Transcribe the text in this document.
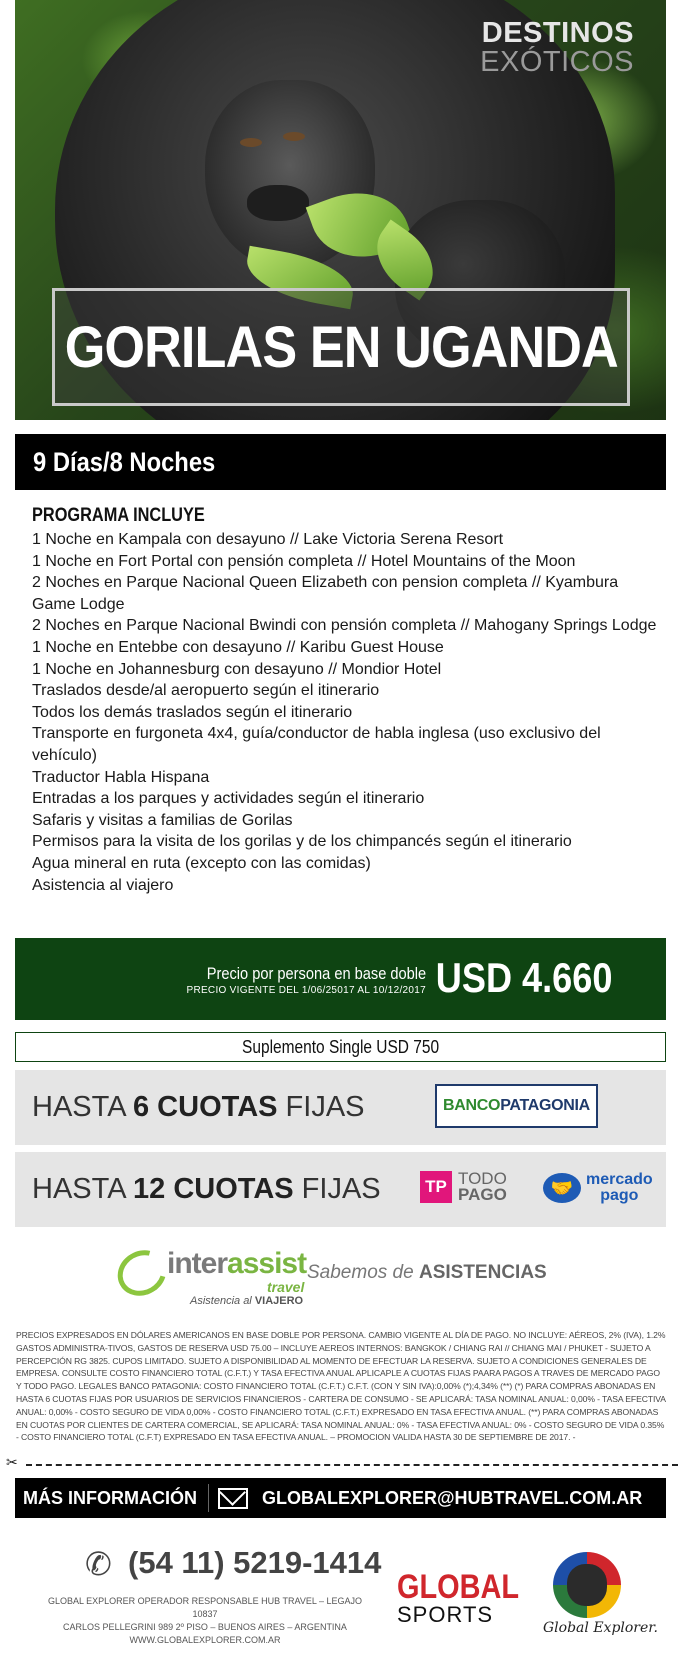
DESTINOS
EXÓTICOS
GORILAS EN UGANDA
9 Días/8 Noches
PROGRAMA INCLUYE
1 Noche en Kampala con desayuno // Lake Victoria Serena Resort
1 Noche en Fort Portal con pensión completa // Hotel Mountains of the Moon
2 Noches en Parque Nacional Queen Elizabeth con pension completa // Kyambura Game Lodge
2 Noches en Parque Nacional Bwindi con pensión completa // Mahogany Springs Lodge
1 Noche en Entebbe con desayuno // Karibu Guest House
1 Noche en Johannesburg con desayuno // Mondior Hotel
Traslados desde/al aeropuerto según el itinerario
Todos los demás traslados según el itinerario
Transporte en furgoneta 4x4, guía/conductor de habla inglesa (uso exclusivo del vehículo)
Traductor Habla Hispana
Entradas a los parques y actividades según el itinerario
Safaris y visitas a familias de Gorilas
Permisos para la visita de los gorilas y de los chimpancés según el itinerario
Agua mineral en ruta (excepto con las comidas)
Asistencia al viajero
Precio por persona en base doble
PRECIO VIGENTE DEL 1/06/25017 AL 10/12/2017 USD 4.660
Suplemento Single USD 750
HASTA 6 CUOTAS FIJAS	BANCO PATAGONIA
HASTA 12 CUOTAS FIJAS	TP TODO
PAGO	🤝 mercado
pago
interassist
travel
Asistencia al VIAJERO
Sabemos de ASISTENCIAS
PRECIOS EXPRESADOS EN DÓLARES AMERICANOS EN BASE DOBLE POR PERSONA. CAMBIO VIGENTE AL DÍA DE PAGO. NO INCLUYE: AÉREOS, 2% (IVA), 1.2% GASTOS ADMINISTRA-TIVOS, GASTOS DE RESERVA USD 75.00 – INCLUYE AEREOS INTERNOS: BANGKOK / CHIANG RAI // CHIANG MAI / PHUKET - SUJETO A PERCEPCIÓN RG 3825. CUPOS LIMITADO. SUJETO A DISPONIBILIDAD AL MOMENTO DE EFECTUAR LA RESERVA. SUJETO A CONDICIONES GENERALES DE EMPRESA. CONSULTE COSTO FINANCIERO TOTAL (C.F.T.) Y TASA EFECTIVA ANUAL APLICAPLE A CUOTAS FIJAS PAARA PAGOS A TRAVES DE MERCADO PAGO Y TODO PAGO. LEGALES BANCO PATAGONIA: COSTO FINANCIERO TOTAL (C.F.T.) C.F.T. (CON Y SIN IVA):0,00% (*);4,34% (**) (*) PARA COMPRAS ABONADAS EN HASTA 6 CUOTAS FIJAS POR USUARIOS DE SERVICIOS FINANCIEROS - CARTERA DE CONSUMO - SE APLICARÁ: TASA NOMINAL ANUAL: 0,00% - TASA EFECTIVA ANUAL: 0,00% - COSTO SEGURO DE VIDA 0,00% - COSTO FINANCIERO TOTAL (C.F.T.) EXPRESADO EN TASA EFECTIVA ANUAL. (**) PARA COMPRAS ABONADAS EN CUOTAS POR CLIENTES DE CARTERA COMERCIAL, SE APLICARÁ: TASA NOMINAL ANUAL: 0% - TASA EFECTIVA ANUAL: 0% - COSTO SEGURO DE VIDA 0.35% - COSTO FINANCIERO TOTAL (C.F.T) EXPRESADO EN TASA EFECTIVA ANUAL. – PROMOCION VALIDA HASTA 30 DE SEPTIEMBRE DE 2017. -
✂
MÁS INFORMACIÓN	GLOBALEXPLORER@HUBTRAVEL.COM.AR
✆ (54 11) 5219-1414
GLOBAL EXPLORER OPERADOR RESPONSABLE HUB TRAVEL – LEGAJO 10837
CARLOS PELLEGRINI 989 2º PISO – BUENOS AIRES – ARGENTINA
WWW.GLOBALEXPLORER.COM.AR
GLOBAL
SPORTS
Global Explorer.
